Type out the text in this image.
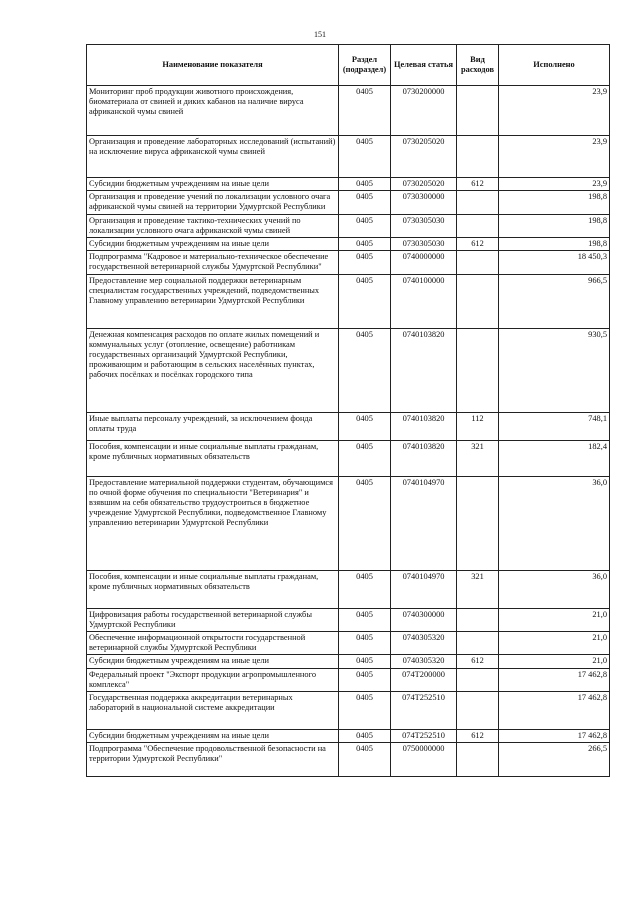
151
Наименование показателя	Раздел (подраздел)	Целевая статья	Вид расходов	Исполнено
Мониторинг проб продукции животного происхождения, биоматериала от свиней и диких кабанов на наличие вируса африканской чумы свиней	0405	0730200000		23,9
Организация и проведение лабораторных исследований (испытаний) на исключение вируса африканской чумы свиней	0405	0730205020		23,9
Субсидии бюджетным учреждениям на иные цели	0405	0730205020	612	23,9
Организация и проведение учений по локализации условного очага африканской чумы свиней на территории Удмуртской Республики	0405	0730300000		198,8
Организация и проведение тактико-технических учений по локализации условного очага африканской чумы свиней	0405	0730305030		198,8
Субсидии бюджетным учреждениям на иные цели	0405	0730305030	612	198,8
Подпрограмма "Кадровое и материально-техническое обеспечение государственной ветеринарной службы Удмуртской Республики"	0405	0740000000		18 450,3
Предоставление мер социальной поддержки ветеринарным специалистам государственных учреждений, подведомственных Главному управлению ветеринарии Удмуртской Республики	0405	0740100000		966,5
Денежная компенсация расходов по оплате жилых помещений и коммунальных услуг (отопление, освещение) работникам государственных организаций Удмуртской Республики, проживающим и работающим в сельских населённых пунктах, рабочих посёлках и посёлках городского типа	0405	0740103820		930,5
Иные выплаты персоналу учреждений, за исключением фонда оплаты труда	0405	0740103820	112	748,1
Пособия, компенсации и иные социальные выплаты гражданам, кроме публичных нормативных обязательств	0405	0740103820	321	182,4
Предоставление материальной поддержки студентам, обучающимся по очной форме обучения по специальности "Ветеринария" и взявшим на себя обязательство трудоустроиться в бюджетное учреждение Удмуртской Республики, подведомственное Главному управлению ветеринарии Удмуртской Республики	0405	0740104970		36,0
Пособия, компенсации и иные социальные выплаты гражданам, кроме публичных нормативных обязательств	0405	0740104970	321	36,0
Цифровизация работы государственной ветеринарной службы Удмуртской Республики	0405	0740300000		21,0
Обеспечение информационной открытости государственной ветеринарной службы Удмуртской Республики	0405	0740305320		21,0
Субсидии бюджетным учреждениям на иные цели	0405	0740305320	612	21,0
Федеральный проект "Экспорт продукции агропромышленного комплекса"	0405	074T200000		17 462,8
Государственная поддержка аккредитации ветеринарных лабораторий в национальной системе аккредитации	0405	074T252510		17 462,8
Субсидии бюджетным учреждениям на иные цели	0405	074T252510	612	17 462,8
Подпрограмма "Обеспечение продовольственной безопасности на территории Удмуртской Республики"	0405	0750000000		266,5
